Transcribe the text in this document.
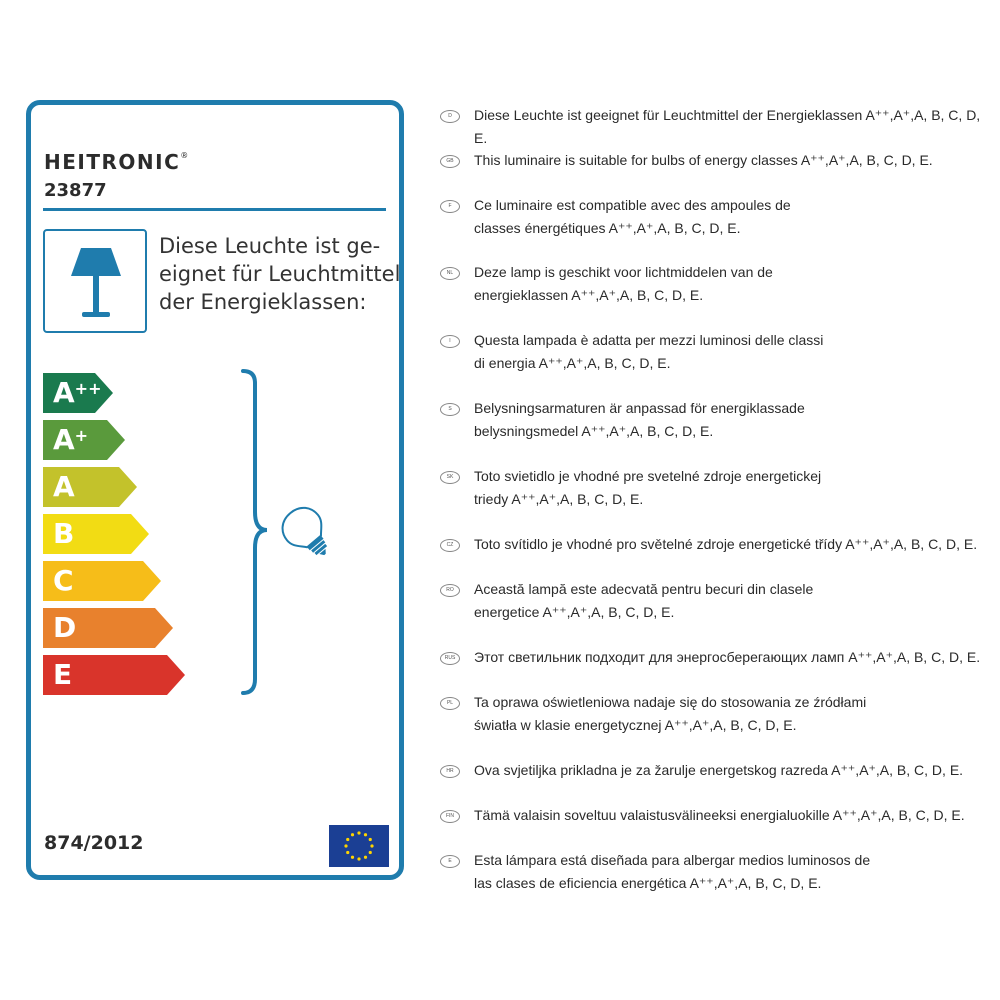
HEITRONIC®
23877
Diese Leuchte ist ge-
eignet für Leuchtmittel
der Energieklassen:
A++
A+
A
B
C
D
E
874/2012
D	Diese Leuchte ist geeignet für Leuchtmittel der Energieklassen A⁺⁺,A⁺,A, B, C, D, E.
GB	This luminaire is suitable for bulbs of energy classes A⁺⁺,A⁺,A, B, C, D, E.
F	Ce luminaire est compatible avec des ampoules de
classes énergétiques A⁺⁺,A⁺,A, B, C, D, E.
NL	Deze lamp is geschikt voor lichtmiddelen van de
energieklassen A⁺⁺,A⁺,A, B, C, D, E.
I	Questa lampada è adatta per mezzi luminosi delle classi
di energia A⁺⁺,A⁺,A, B, C, D, E.
S	Belysningsarmaturen är anpassad för energiklassade
belysningsmedel A⁺⁺,A⁺,A, B, C, D, E.
SK	Toto svietidlo je vhodné pre svetelné zdroje energetickej
triedy A⁺⁺,A⁺,A, B, C, D, E.
CZ	Toto svítidlo je vhodné pro světelné zdroje energetické třídy A⁺⁺,A⁺,A, B, C, D, E.
RO	Această lampă este adecvată pentru becuri din clasele
energetice A⁺⁺,A⁺,A, B, C, D, E.
RUS	Этот светильник подходит для энергосберегающих ламп A⁺⁺,A⁺,A, B, C, D, E.
PL	Ta oprawa oświetleniowa nadaje się do stosowania ze źródłami
światła w klasie energetycznej A⁺⁺,A⁺,A, B, C, D, E.
HR	Ova svjetiljka prikladna je za žarulje energetskog razreda A⁺⁺,A⁺,A, B, C, D, E.
FIN	Tämä valaisin soveltuu valaistusvälineeksi energialuokille A⁺⁺,A⁺,A, B, C, D, E.
E	Esta lámpara está diseñada para albergar medios luminosos de
las clases de eficiencia energética A⁺⁺,A⁺,A, B, C, D, E.
